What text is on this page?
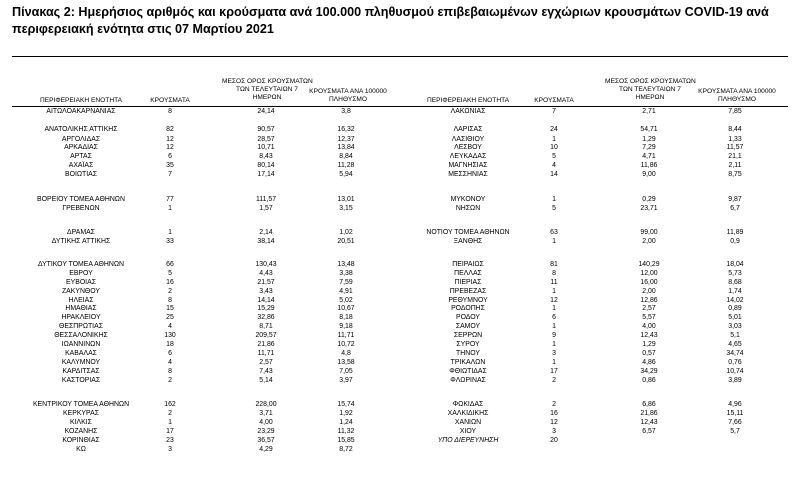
Πίνακας 2: Ημερήσιος αριθμός και κρούσματα ανά 100.000 πληθυσμού επιβεβαιωμένων εγχώριων κρουσμάτων COVID-19 ανά περιφερειακή ενότητα στις 07 Μαρτίου 2021
ΠΕΡΙΦΕΡΕΙΑΚΗ ΕΝΟΤΗΤΑ	ΚΡΟΥΣΜΑΤΑ
ΜΕΣΟΣ ΟΡΟΣ ΚΡΟΥΣΜΑΤΩΝ
ΤΩΝ ΤΕΛΕΥΤΑΙΩΝ 7
ΗΜΕΡΩΝ
ΚΡΟΥΣΜΑΤΑ ΑΝΑ 100000
ΠΛΗΘΥΣΜΟ	ΠΕΡΙΦΕΡΕΙΑΚΗ ΕΝΟΤΗΤΑ	ΚΡΟΥΣΜΑΤΑ
ΜΕΣΟΣ ΟΡΟΣ ΚΡΟΥΣΜΑΤΩΝ
ΤΩΝ ΤΕΛΕΥΤΑΙΩΝ 7
ΗΜΕΡΩΝ
ΚΡΟΥΣΜΑΤΑ ΑΝΑ 100000
ΠΛΗΘΥΣΜΟ
ΑΙΤΩΛΟΑΚΑΡΝΑΝΙΑΣ	8	24,14	3,8
ΑΝΑΤΟΛΙΚΗΣ ΑΤΤΙΚΗΣ	82	90,57	16,32
ΑΡΓΟΛΙΔΑΣ	12	28,57	12,37
ΑΡΚΑΔΙΑΣ	12	10,71	13,84
ΑΡΤΑΣ	6	8,43	8,84
ΑΧΑΪΑΣ	35	80,14	11,28
ΒΟΙΩΤΙΑΣ	7	17,14	5,94
ΒΟΡΕΙΟΥ ΤΟΜΕΑ ΑΘΗΝΩΝ	77	111,57	13,01
ΓΡΕΒΕΝΩΝ	1	1,57	3,15
ΔΡΑΜΑΣ	1	2,14	1,02
ΔΥΤΙΚΗΣ ΑΤΤΙΚΗΣ	33	38,14	20,51
ΔΥΤΙΚΟΥ ΤΟΜΕΑ ΑΘΗΝΩΝ	66	130,43	13,48
ΕΒΡΟΥ	5	4,43	3,38
ΕΥΒΟΙΑΣ	16	21,57	7,59
ΖΑΚΥΝΘΟΥ	2	3,43	4,91
ΗΛΕΙΑΣ	8	14,14	5,02
ΗΜΑΘΙΑΣ	15	15,29	10,67
ΗΡΑΚΛΕΙΟΥ	25	32,86	8,18
ΘΕΣΠΡΩΤΙΑΣ	4	8,71	9,18
ΘΕΣΣΑΛΟΝΙΚΗΣ	130	209,57	11,71
ΙΩΑΝΝΙΝΩΝ	18	21,86	10,72
ΚΑΒΑΛΑΣ	6	11,71	4,8
ΚΑΛΥΜΝΟΥ	4	2,57	13,58
ΚΑΡΔΙΤΣΑΣ	8	7,43	7,05
ΚΑΣΤΟΡΙΑΣ	2	5,14	3,97
ΚΕΝΤΡΙΚΟΥ ΤΟΜΕΑ ΑΘΗΝΩΝ	162	228,00	15,74
ΚΕΡΚΥΡΑΣ	2	3,71	1,92
ΚΙΛΚΙΣ	1	4,00	1,24
ΚΟΖΑΝΗΣ	17	23,29	11,32
ΚΟΡΙΝΘΙΑΣ	23	36,57	15,85
ΚΩ	3	4,29	8,72
ΛΑΚΩΝΙΑΣ	7	2,71	7,85
ΛΑΡΙΣΑΣ	24	54,71	8,44
ΛΑΣΙΘΙΟΥ	1	1,29	1,33
ΛΕΣΒΟΥ	10	7,29	11,57
ΛΕΥΚΑΔΑΣ	5	4,71	21,1
ΜΑΓΝΗΣΙΑΣ	4	11,86	2,11
ΜΕΣΣΗΝΙΑΣ	14	9,00	8,75
ΜΥΚΟΝΟΥ	1	0,29	9,87
ΝΗΣΩΝ	5	23,71	6,7
ΝΟΤΙΟΥ ΤΟΜΕΑ ΑΘΗΝΩΝ	63	99,00	11,89
ΞΑΝΘΗΣ	1	2,00	0,9
ΠΕΙΡΑΙΩΣ	81	140,29	18,04
ΠΕΛΛΑΣ	8	12,00	5,73
ΠΙΕΡΙΑΣ	11	16,00	8,68
ΠΡΕΒΕΖΑΣ	1	2,00	1,74
ΡΕΘΥΜΝΟΥ	12	12,86	14,02
ΡΟΔΟΠΗΣ	1	2,57	0,89
ΡΟΔΟΥ	6	5,57	5,01
ΣΑΜΟΥ	1	4,00	3,03
ΣΕΡΡΩΝ	9	12,43	5,1
ΣΥΡΟΥ	1	1,29	4,65
ΤΗΝΟΥ	3	0,57	34,74
ΤΡΙΚΑΛΩΝ	1	4,86	0,76
ΦΘΙΩΤΙΔΑΣ	17	34,29	10,74
ΦΛΩΡΙΝΑΣ	2	0,86	3,89
ΦΩΚΙΔΑΣ	2	6,86	4,96
ΧΑΛΚΙΔΙΚΗΣ	16	21,86	15,11
ΧΑΝΙΩΝ	12	12,43	7,66
ΧΙΟΥ	3	6,57	5,7
ΥΠΟ ΔΙΕΡΕΥΝΗΣΗ	20
